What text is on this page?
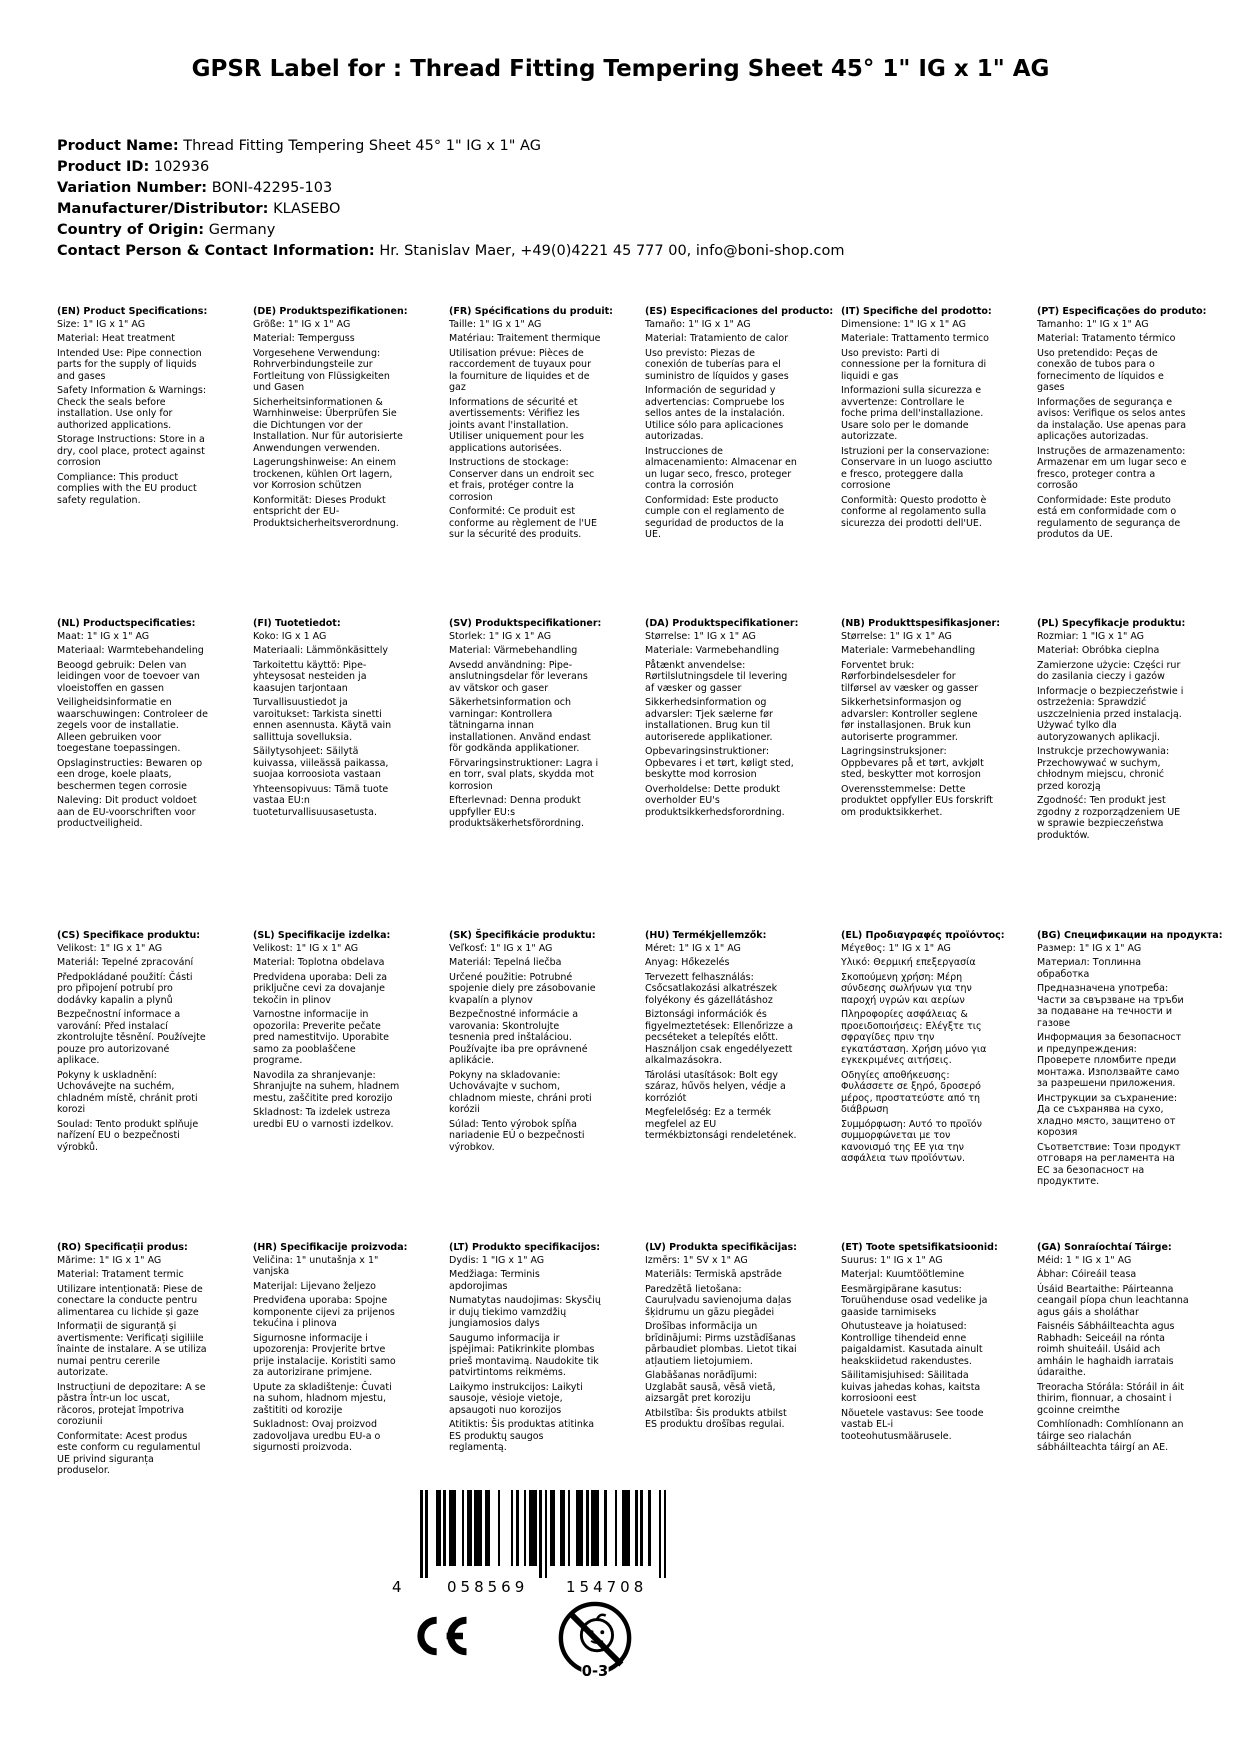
GPSR Label for : Thread Fitting Tempering Sheet 45° 1" IG x 1" AG
Product Name: Thread Fitting Tempering Sheet 45° 1" IG x 1" AG
Product ID: 102936
Variation Number: BONI-42295-103
Manufacturer/Distributor: KLASEBO
Country of Origin: Germany
Contact Person & Contact Information: Hr. Stanislav Maer, +49(0)4221 45 777 00, info@boni-shop.com
(EN) Product Specifications:

Size: 1" IG x 1" AG

Material: Heat treatment

Intended Use: Pipe connection parts for the supply of liquids and gases

Safety Information & Warnings: Check the seals before installation. Use only for authorized applications.

Storage Instructions: Store in a dry, cool place, protect against corrosion

Compliance: This product complies with the EU product safety regulation.

(DE) Produktspezifikationen:

Größe: 1" IG x 1" AG

Material: Temperguss

Vorgesehene Verwendung: Rohrverbindungsteile zur Fortleitung von Flüssigkeiten und Gasen

Sicherheitsinformationen & Warnhinweise: Überprüfen Sie die Dichtungen vor der Installation. Nur für autorisierte Anwendungen verwenden.

Lagerungshinweise: An einem trockenen, kühlen Ort lagern, vor Korrosion schützen

Konformität: Dieses Produkt entspricht der EU-Produktsicherheitsverordnung.

(FR) Spécifications du produit:

Taille: 1" IG x 1" AG

Matériau: Traitement thermique

Utilisation prévue: Pièces de raccordement de tuyaux pour la fourniture de liquides et de gaz

Informations de sécurité et avertissements: Vérifiez les joints avant l'installation. Utiliser uniquement pour les applications autorisées.

Instructions de stockage: Conserver dans un endroit sec et frais, protéger contre la corrosion

Conformité: Ce produit est conforme au règlement de l'UE sur la sécurité des produits.

(ES) Especificaciones del producto:

Tamaño: 1" IG x 1" AG

Material: Tratamiento de calor

Uso previsto: Piezas de conexión de tuberías para el suministro de líquidos y gases

Información de seguridad y advertencias: Compruebe los sellos antes de la instalación. Utilice sólo para aplicaciones autorizadas.

Instrucciones de almacenamiento: Almacenar en un lugar seco, fresco, proteger contra la corrosión

Conformidad: Este producto cumple con el reglamento de seguridad de productos de la UE.

(IT) Specifiche del prodotto:

Dimensione: 1" IG x 1" AG

Materiale: Trattamento termico

Uso previsto: Parti di connessione per la fornitura di liquidi e gas

Informazioni sulla sicurezza e avvertenze: Controllare le foche prima dell'installazione. Usare solo per le domande autorizzate.

Istruzioni per la conservazione: Conservare in un luogo asciutto e fresco, proteggere dalla corrosione

Conformità: Questo prodotto è conforme al regolamento sulla sicurezza dei prodotti dell'UE.

(PT) Especificações do produto:

Tamanho: 1" IG x 1" AG

Material: Tratamento térmico

Uso pretendido: Peças de conexão de tubos para o fornecimento de líquidos e gases

Informações de segurança e avisos: Verifique os selos antes da instalação. Use apenas para aplicações autorizadas.

Instruções de armazenamento: Armazenar em um lugar seco e fresco, proteger contra a corrosão

Conformidade: Este produto está em conformidade com o regulamento de segurança de produtos da UE.

(NL) Productspecificaties:

Maat: 1" IG x 1" AG

Materiaal: Warmtebehandeling

Beoogd gebruik: Delen van leidingen voor de toevoer van vloeistoffen en gassen

Veiligheidsinformatie en waarschuwingen: Controleer de zegels voor de installatie. Alleen gebruiken voor toegestane toepassingen.

Opslaginstructies: Bewaren op een droge, koele plaats, beschermen tegen corrosie

Naleving: Dit product voldoet aan de EU-voorschriften voor productveiligheid.

(FI) Tuotetiedot:

Koko: IG x 1 AG

Materiaali: Lämmönkäsittely

Tarkoitettu käyttö: Pipe-yhteysosat nesteiden ja kaasujen tarjontaan

Turvallisuustiedot ja varoitukset: Tarkista sinetti ennen asennusta. Käytä vain sallittuja sovelluksia.

Säilytysohjeet: Säilytä kuivassa, viileässä paikassa, suojaa korroosiota vastaan

Yhteensopivuus: Tämä tuote vastaa EU:n tuoteturvallisuusasetusta.

(SV) Produktspecifikationer:

Storlek: 1" IG x 1" AG

Material: Värmebehandling

Avsedd användning: Pipe-anslutningsdelar för leverans av vätskor och gaser

Säkerhetsinformation och varningar: Kontrollera tätningarna innan installationen. Använd endast för godkända applikationer.

Förvaringsinstruktioner: Lagra i en torr, sval plats, skydda mot korrosion

Efterlevnad: Denna produkt uppfyller EU:s produktsäkerhetsförordning.

(DA) Produktspecifikationer:

Størrelse: 1" IG x 1" AG

Materiale: Varmebehandling

Påtænkt anvendelse: Rørtilslutningsdele til levering af væsker og gasser

Sikkerhedsinformation og advarsler: Tjek sælerne før installationen. Brug kun til autoriserede applikationer.

Opbevaringsinstruktioner: Opbevares i et tørt, køligt sted, beskytte mod korrosion

Overholdelse: Dette produkt overholder EU's produktsikkerhedsforordning.

(NB) Produkttspesifikasjoner:

Størrelse: 1" IG x 1" AG

Materiale: Varmebehandling

Forventet bruk: Rørforbindelsesdeler for tilførsel av væsker og gasser

Sikkerhetsinformasjon og advarsler: Kontroller seglene før installasjonen. Bruk kun autoriserte programmer.

Lagringsinstruksjoner: Oppbevares på et tørt, avkjølt sted, beskytter mot korrosjon

Overensstemmelse: Dette produktet oppfyller EUs forskrift om produktsikkerhet.

(PL) Specyfikacje produktu:

Rozmiar: 1 "IG x 1" AG

Materiał: Obróbka cieplna

Zamierzone użycie: Części rur do zasilania cieczy i gazów

Informacje o bezpieczeństwie i ostrzeżenia: Sprawdzić uszczelnienia przed instalacją. Używać tylko dla autoryzowanych aplikacji.

Instrukcje przechowywania: Przechowywać w suchym, chłodnym miejscu, chronić przed korozją

Zgodność: Ten produkt jest zgodny z rozporządzeniem UE w sprawie bezpieczeństwa produktów.

(CS) Specifikace produktu:

Velikost: 1" IG x 1" AG

Materiál: Tepelné zpracování

Předpokládané použití: Části pro připojení potrubí pro dodávky kapalin a plynů

Bezpečnostní informace a varování: Před instalací zkontrolujte těsnění. Používejte pouze pro autorizované aplikace.

Pokyny k uskladnění: Uchovávejte na suchém, chladném místě, chránit proti korozi

Soulad: Tento produkt splňuje nařízení EU o bezpečnosti výrobků.

(SL) Specifikacije izdelka:

Velikost: 1" IG x 1" AG

Material: Toplotna obdelava

Predvidena uporaba: Deli za priključne cevi za dovajanje tekočin in plinov

Varnostne informacije in opozorila: Preverite pečate pred namestitvijo. Uporabite samo za pooblaščene programe.

Navodila za shranjevanje: Shranjujte na suhem, hladnem mestu, zaščitite pred korozijo

Skladnost: Ta izdelek ustreza uredbi EU o varnosti izdelkov.

(SK) Špecifikácie produktu:

Veľkosť: 1" IG x 1" AG

Materiál: Tepelná liečba

Určené použitie: Potrubné spojenie diely pre zásobovanie kvapalín a plynov

Bezpečnostné informácie a varovania: Skontrolujte tesnenia pred inštaláciou. Používajte iba pre oprávnené aplikácie.

Pokyny na skladovanie: Uchovávajte v suchom, chladnom mieste, chráni proti korózii

Súlad: Tento výrobok spĺňa nariadenie EÚ o bezpečnosti výrobkov.

(HU) Termékjellemzők:

Méret: 1" IG x 1" AG

Anyag: Hőkezelés

Tervezett felhasználás: Csőcsatlakozási alkatrészek folyékony és gázellátáshoz

Biztonsági információk és figyelmeztetések: Ellenőrizze a pecséteket a telepítés előtt. Használjon csak engedélyezett alkalmazásokra.

Tárolási utasítások: Bolt egy száraz, hűvös helyen, védje a korróziót

Megfelelőség: Ez a termék megfelel az EU termékbiztonsági rendeletének.

(EL) Προδιαγραφές προϊόντος:

Μέγεθος: 1" IG x 1" AG

Υλικό: Θερμική επεξεργασία

Σκοπούμενη χρήση: Μέρη σύνδεσης σωλήνων για την παροχή υγρών και αερίων

Πληροφορίες ασφάλειας & προειδοποιήσεις: Ελέγξτε τις σφραγίδες πριν την εγκατάσταση. Χρήση μόνο για εγκεκριμένες αιτήσεις.

Οδηγίες αποθήκευσης: Φυλάσσετε σε ξηρό, δροσερό μέρος, προστατεύστε από τη διάβρωση

Συμμόρφωση: Αυτό το προϊόν συμμορφώνεται με τον κανονισμό της ΕΕ για την ασφάλεια των προϊόντων.

(BG) Спецификации на продукта:

Размер: 1" IG x 1" AG

Материал: Топлинна обработка

Предназначена употреба: Части за свързване на тръби за подаване на течности и газове

Информация за безопасност и предупреждения: Проверете пломбите преди монтажа. Използвайте само за разрешени приложения.

Инструкции за съхранение: Да се съхранява на сухо, хладно място, защитено от корозия

Съответствие: Този продукт отговаря на регламента на ЕС за безопасност на продуктите.

(RO) Specificații produs:

Mărime: 1" IG x 1" AG

Material: Tratament termic

Utilizare intenționată: Piese de conectare la conducte pentru alimentarea cu lichide și gaze

Informații de siguranță și avertismente: Verificați sigiliile înainte de instalare. A se utiliza numai pentru cererile autorizate.

Instrucțiuni de depozitare: A se păstra într-un loc uscat, răcoros, protejat împotriva coroziunii

Conformitate: Acest produs este conform cu regulamentul UE privind siguranța produselor.

(HR) Specifikacije proizvoda:

Veličina: 1" unutašnja x 1" vanjska

Materijal: Lijevano željezo

Predviđena uporaba: Spojne komponente cijevi za prijenos tekućina i plinova

Sigurnosne informacije i upozorenja: Provjerite brtve prije instalacije. Koristiti samo za autorizirane primjene.

Upute za skladištenje: Čuvati na suhom, hladnom mjestu, zaštititi od korozije

Sukladnost: Ovaj proizvod zadovoljava uredbu EU-a o sigurnosti proizvoda.

(LT) Produkto specifikacijos:

Dydis: 1 "IG x 1" AG

Medžiaga: Terminis apdorojimas

Numatytas naudojimas: Skysčių ir dujų tiekimo vamzdžių jungiamosios dalys

Saugumo informacija ir įspėjimai: Patikrinkite plombas prieš montavimą. Naudokite tik patvirtintoms reikmėms.

Laikymo instrukcijos: Laikyti sausoje, vėsioje vietoje, apsaugoti nuo korozijos

Atitiktis: Šis produktas atitinka ES produktų saugos reglamentą.

(LV) Produkta specifikācijas:

Izmērs: 1" SV x 1" AG

Materiāls: Termiskā apstrāde

Paredzētā lietošana: Cauruļvadu savienojuma daļas šķidrumu un gāzu piegādei

Drošības informācija un brīdinājumi: Pirms uzstādīšanas pārbaudiet plombas. Lietot tikai atļautiem lietojumiem.

Glabāšanas norādījumi: Uzglabāt sausā, vēsā vietā, aizsargāt pret koroziju

Atbilstība: Šis produkts atbilst ES produktu drošības regulai.

(ET) Toote spetsifikatsioonid:

Suurus: 1" IG x 1" AG

Materjal: Kuumtöötlemine

Eesmärgipärane kasutus: Toruühenduse osad vedelike ja gaaside tarnimiseks

Ohutusteave ja hoiatused: Kontrollige tihendeid enne paigaldamist. Kasutada ainult heakskiidetud rakendustes.

Säilitamisjuhised: Säilitada kuivas jahedas kohas, kaitsta korrosiooni eest

Nõuetele vastavus: See toode vastab EL-i tooteohutusmäärusele.

(GA) Sonraíochtaí Táirge:

Méid: 1 " IG x 1" AG

Ábhar: Cóireáil teasa

Úsáid Beartaithe: Páirteanna ceangail píopa chun leachtanna agus gáis a sholáthar

Faisnéis Sábháilteachta agus Rabhadh: Seiceáil na rónta roimh shuiteáil. Úsáid ach amháin le haghaidh iarratais údaraithe.

Treoracha Stórála: Stóráil in áit thirim, fionnuar, a chosaint i gcoinne creimthe

Comhlíonadh: Comhlíonann an táirge seo rialachán sábháilteachta táirgí an AE.

4	058569	154708
0-3
